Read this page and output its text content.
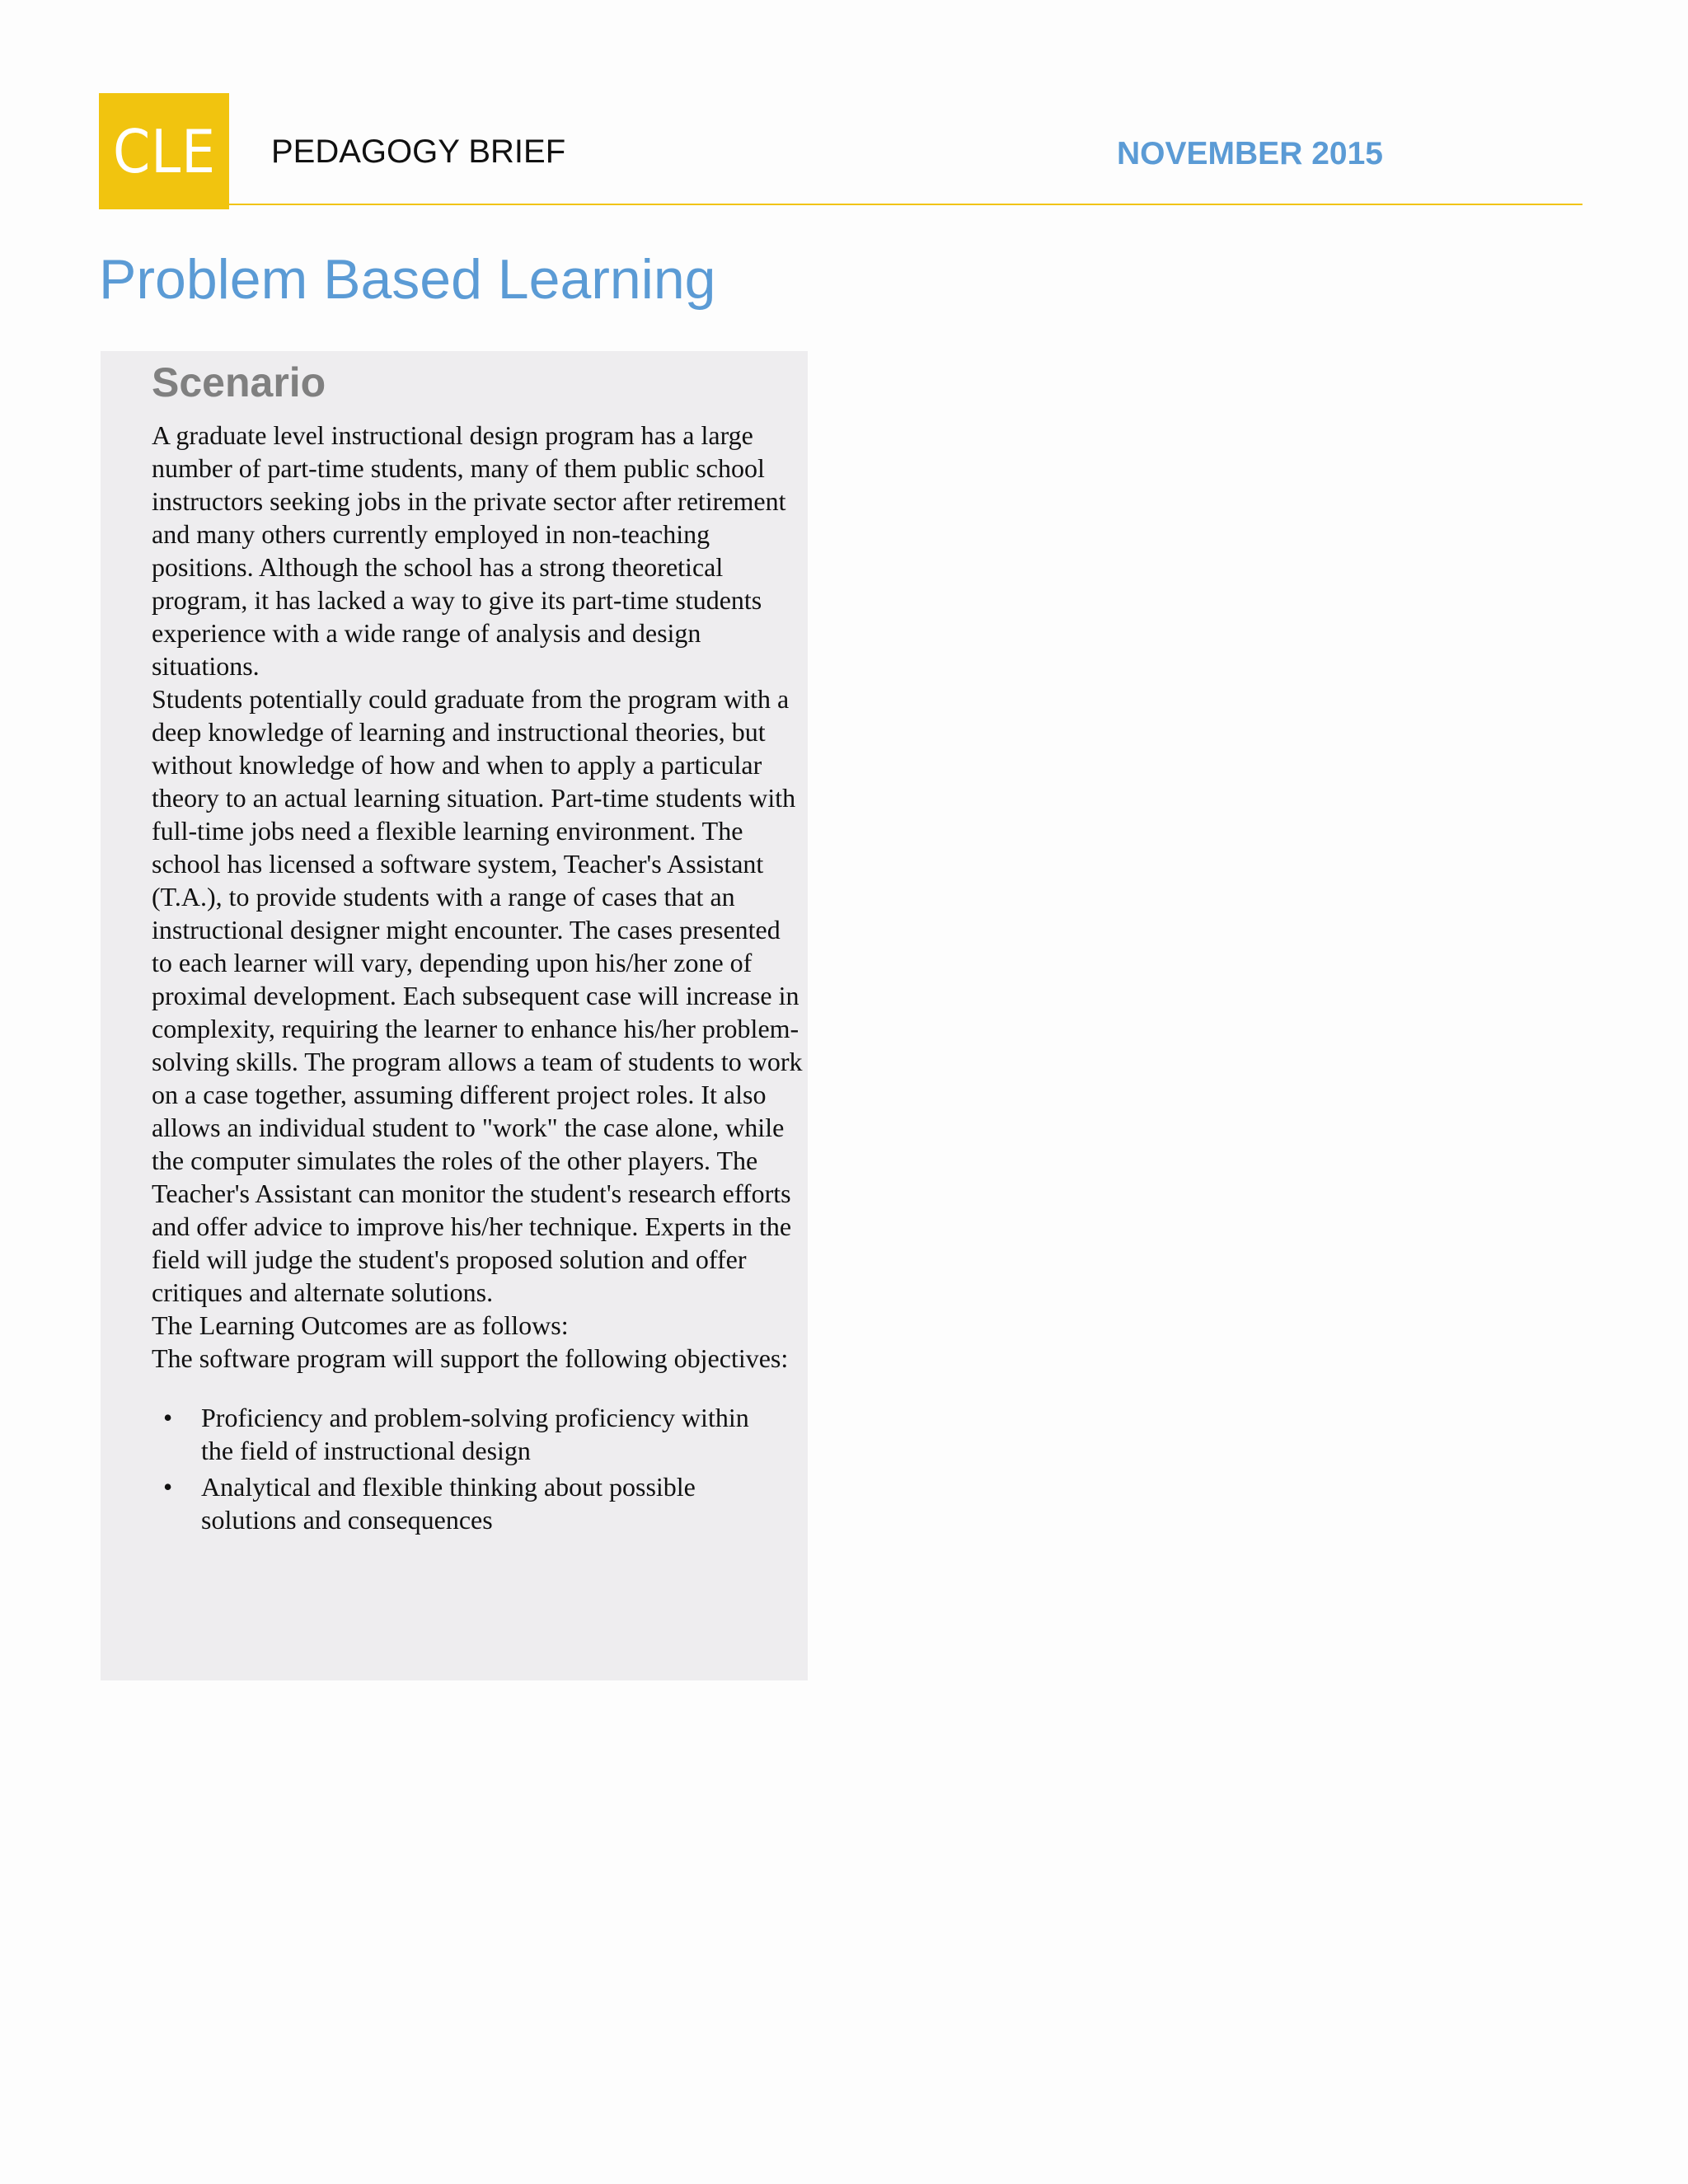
CLE PEDAGOGY BRIEF	NOVEMBER 2015
Problem Based Learning
Scenario

A graduate level instructional design program has a large number of part-time students, many of them public school instructors seeking jobs in the private sector after retirement and many others currently employed in non-teaching positions. Although the school has a strong theoretical program, it has lacked a way to give its part-time students experience with a wide range of analysis and design situations.

Students potentially could graduate from the program with a deep knowledge of learning and instructional theories, but without knowledge of how and when to apply a particular theory to an actual learning situation. Part-time students with full-time jobs need a flexible learning environment. The school has licensed a software system, Teacher's Assistant (T.A.), to provide students with a range of cases that an instructional designer might encounter. The cases presented to each learner will vary, depending upon his/her zone of proximal development. Each subsequent case will increase in complexity, requiring the learner to enhance his/her problem-solving skills. The program allows a team of students to work on a case together, assuming different project roles. It also allows an individual student to "work" the case alone, while the computer simulates the roles of the other players. The Teacher's Assistant can monitor the student's research efforts and offer advice to improve his/her technique. Experts in the field will judge the student's proposed solution and offer critiques and alternate solutions.

The Learning Outcomes are as follows:

The software program will support the following objectives:

• Proficiency and problem-solving proficiency within the field of instructional design
• Analytical and flexible thinking about possible solutions and consequences
